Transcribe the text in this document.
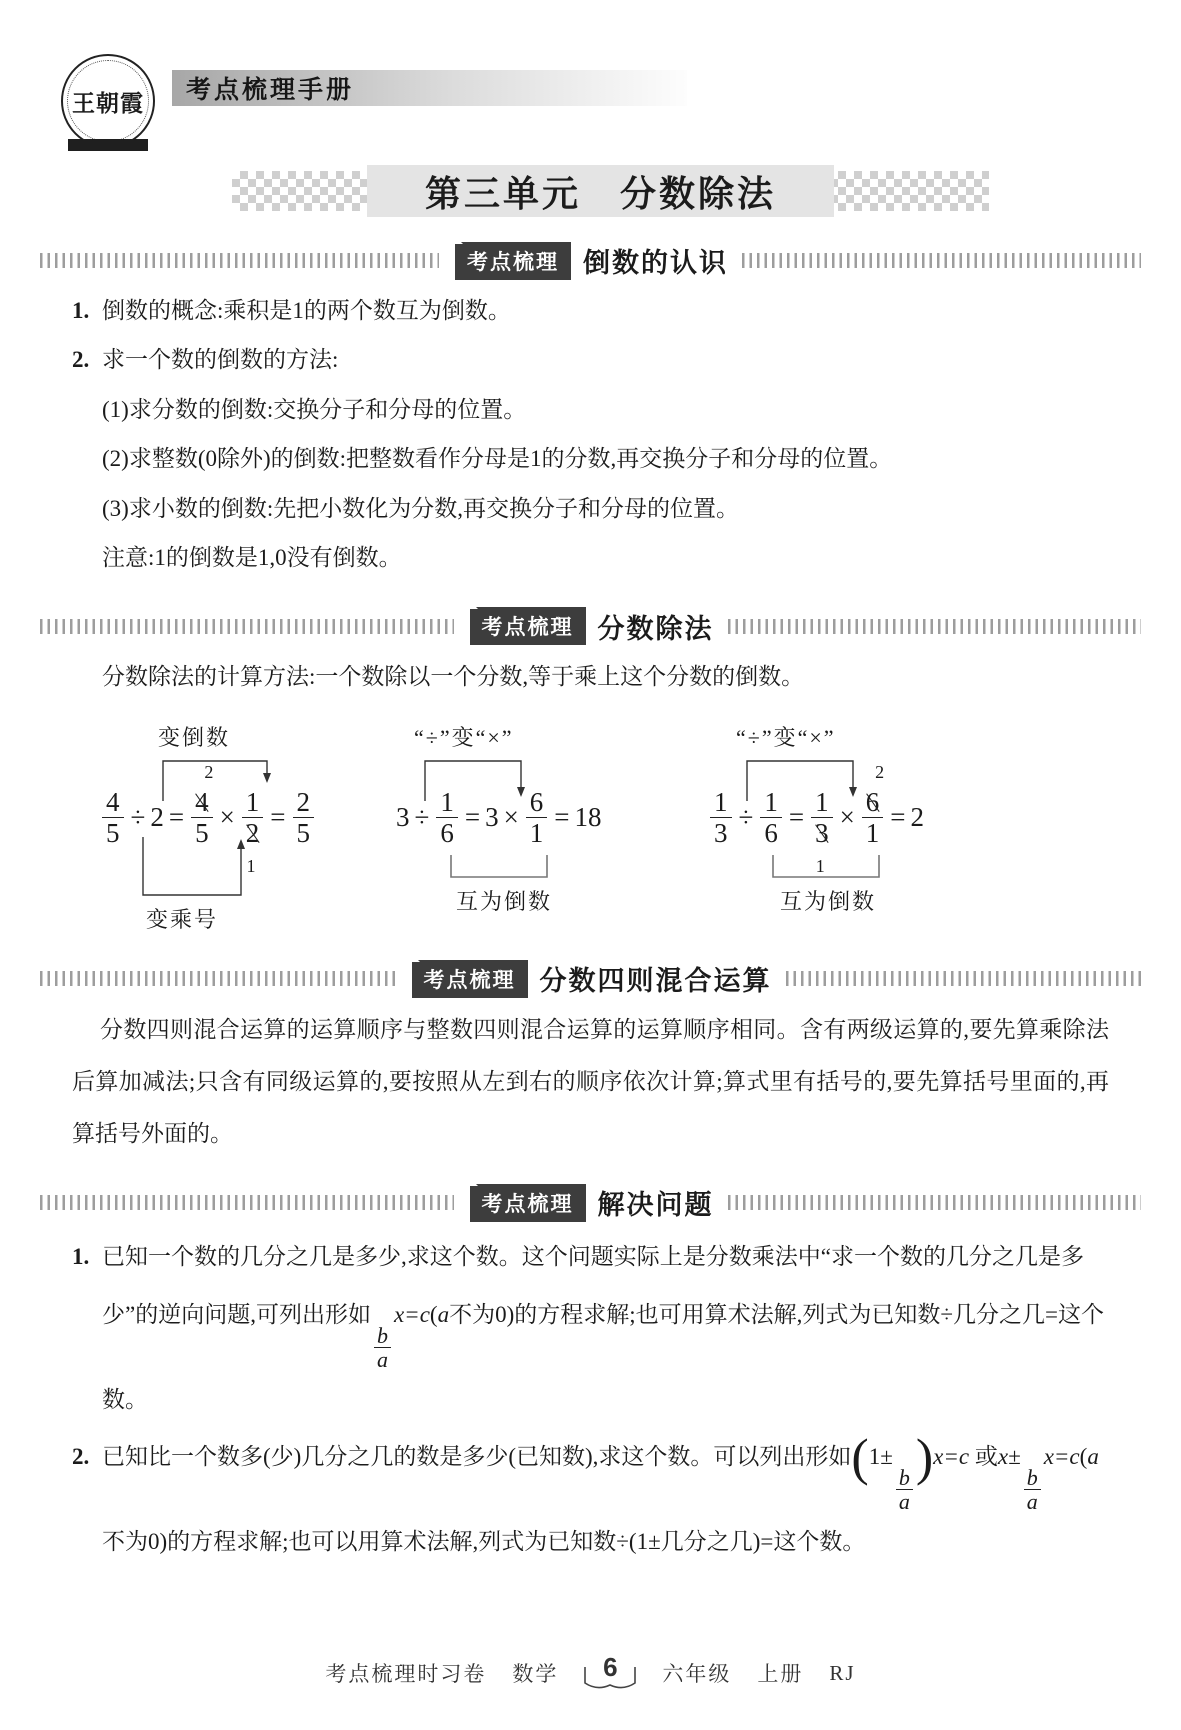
王朝霞	考点梳理手册
第三单元　分数除法
考点梳理 倒数的认识
1. 倒数的概念:乘积是1的两个数互为倒数。
2. 求一个数的倒数的方法:
(1)求分数的倒数:交换分子和分母的位置。
(2)求整数(0除外)的倒数:把整数看作分母是1的分数,再交换分子和分母的位置。
(3)求小数的倒数:先把小数化为分数,再交换分子和分母的位置。
注意:1的倒数是1,0没有倒数。
考点梳理 分数除法
分数除法的计算方法:一个数除以一个分数,等于乘上这个分数的倒数。
变倒数
变乘号
$\frac{4}{5} \div 2 = 4$
2
5 × 1
2
$1 = \frac{2}{5}$
“÷”变“×”
互为倒数
$3 \div \frac{1}{6} = 3 \times \frac{6}{1} = 18$
“÷”变“×”
互为倒数
$\frac{1}{3} \div \frac{1}{6} = 1$
3
1 × 6
2
1 = 2
考点梳理 分数四则混合运算
分数四则混合运算的运算顺序与整数四则混合运算的运算顺序相同。含有两级运算的,要先算乘除法后算加减法;只含有同级运算的,要按照从左到右的顺序依次计算;算式里有括号的,要先算括号里面的,再算括号外面的。
考点梳理 解决问题
1. 已知一个数的几分之几是多少,求这个数。这个问题实际上是分数乘法中“求一个数的几分之几是多少”的逆向问题,可列出形如
$\frac{b}{a}$
x=c(a不为0)的方程求解;也可用算术法解,列式为已知数÷几分之几=这个数。
2. 已知比一个数多(少)几分之几的数是多少(已知数),求这个数。可以列出形如(1±
$\frac{b}{a}$
)x=c 或x±
$\frac{b}{a}$
x=c(a不为0)的方程求解;也可以用算术法解,列式为已知数÷(1±几分之几)=这个数。
考点梳理时习卷 数学	6	六年级 上册 RJ
